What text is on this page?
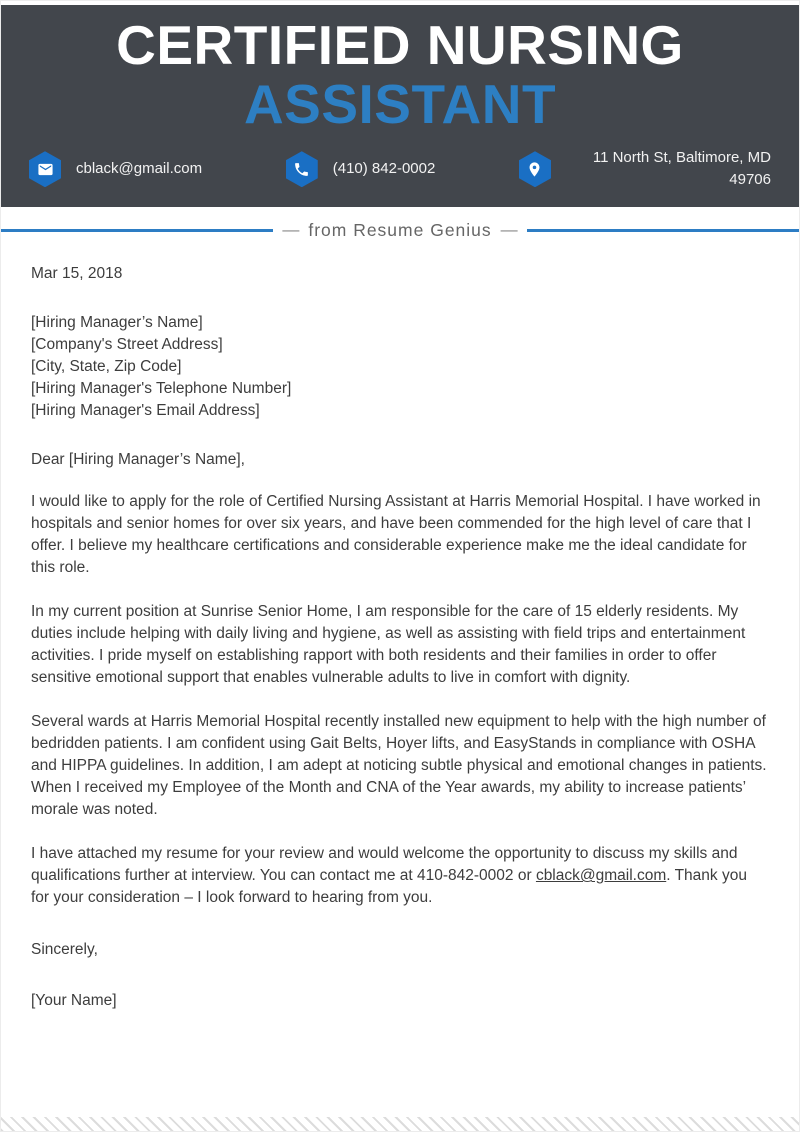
CERTIFIED NURSING
ASSISTANT
cblack@gmail.com	(410) 842-0002
11 North St, Baltimore, MD
49706
— from Resume Genius —

Mar 15, 2018

[Hiring Manager’s Name]
[Company's Street Address]
[City, State, Zip Code]
[Hiring Manager's Telephone Number]
[Hiring Manager's Email Address]

Dear [Hiring Manager’s Name],

I would like to apply for the role of Certified Nursing Assistant at Harris Memorial Hospital. I have worked in hospitals and senior homes for over six years, and have been commended for the high level of care that I offer. I believe my healthcare certifications and considerable experience make me the ideal candidate for this role.

In my current position at Sunrise Senior Home, I am responsible for the care of 15 elderly residents. My duties include helping with daily living and hygiene, as well as assisting with field trips and entertainment activities. I pride myself on establishing rapport with both residents and their families in order to offer sensitive emotional support that enables vulnerable adults to live in comfort with dignity.

Several wards at Harris Memorial Hospital recently installed new equipment to help with the high number of bedridden patients. I am confident using Gait Belts, Hoyer lifts, and EasyStands in compliance with OSHA and HIPPA guidelines. In addition, I am adept at noticing subtle physical and emotional changes in patients. When I received my Employee of the Month and CNA of the Year awards, my ability to increase patients’ morale was noted.

I have attached my resume for your review and would welcome the opportunity to discuss my skills and qualifications further at interview. You can contact me at 410-842-0002 or cblack@gmail.com. Thank you for your consideration – I look forward to hearing from you.

Sincerely,

[Your Name]
